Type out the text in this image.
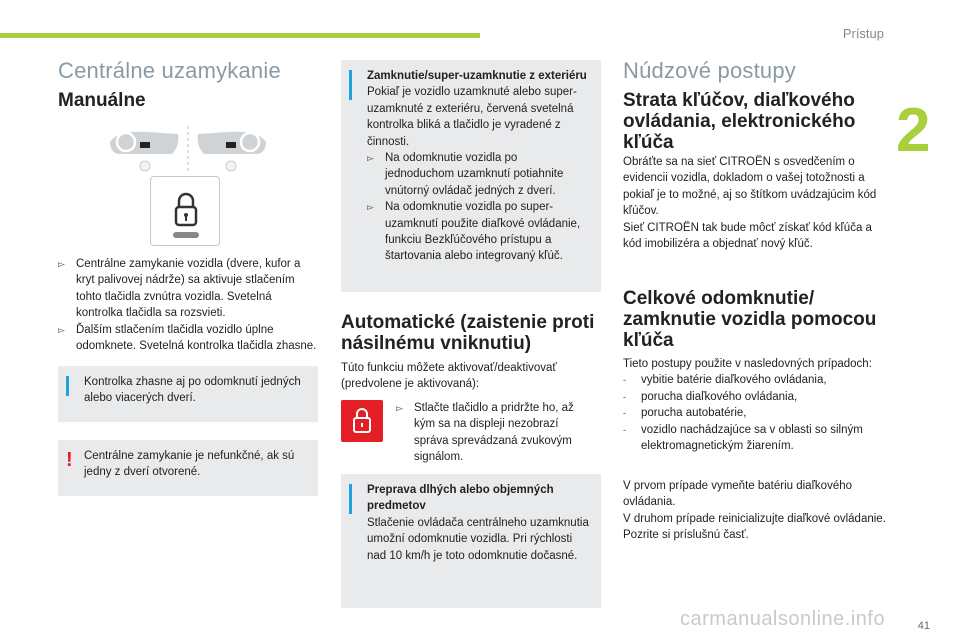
Prístup
2
Centrálne uzamykanie
Manuálne
▻ Centrálne zamykanie vozidla (dvere, kufor a kryt palivovej nádrže) sa aktivuje stlačením tohto tlačidla zvnútra vozidla. Svetelná kontrolka tlačidla sa rozsvieti.
▻ Ďalším stlačením tlačidla vozidlo úplne odomknete. Svetelná kontrolka tlačidla zhasne.
Kontrolka zhasne aj po odomknutí jedných alebo viacerých dverí.
! Centrálne zamykanie je nefunkčné, ak sú jedny z dverí otvorené.

Zamknutie/super-uzamknutie z exteriéru

Pokiaľ je vozidlo uzamknuté alebo super-uzamknuté z exteriéru, červená svetelná kontrolka bliká a tlačidlo je vyradené z činnosti.

▻ Na odomknutie vozidla po jednoduchom uzamknutí potiahnite vnútorný ovládač jedných z dverí.
▻ Na odomknutie vozidla po super-uzamknutí použite diaľkové ovládanie, funkciu Bezkľúčového prístupu a štartovania alebo integrovaný kľúč.
Automatické (zaistenie proti násilnému vniknutiu)
Túto funkciu môžete aktivovať/deaktivovať (predvolene je aktivovaná):
▻ Stlačte tlačidlo a pridržte ho, až kým sa na displeji nezobrazí správa sprevádzaná zvukovým signálom.

Preprava dlhých alebo objemných predmetov

Stlačenie ovládača centrálneho uzamknutia umožní odomknutie vozidla. Pri rýchlosti nad 10 km/h je toto odomknutie dočasné.

Núdzové postupy
Strata kľúčov, diaľkového ovládania, elektronického kľúča

Obráťte sa na sieť CITROËN s osvedčením o evidencii vozidla, dokladom o vašej totožnosti a pokiaľ je to možné, aj so štítkom uvádzajúcim kód kľúčov.

Sieť CITROËN tak bude môcť získať kód kľúča a kód imobilizéra a objednať nový kľúč.

Celkové odomknutie/ zamknutie vozidla pomocou kľúča

Tieto postupy použite v nasledovných prípadoch:

-	vybitie batérie diaľkového ovládania,
-	porucha diaľkového ovládania,
-	porucha autobatérie,
-	vozidlo nachádzajúce sa v oblasti so silným elektromagnetickým žiarením.

V prvom prípade vymeňte batériu diaľkového ovládania.

V druhom prípade reinicializujte diaľkové ovládanie.

Pozrite si príslušnú časť.

carmanualsonline.info	41
